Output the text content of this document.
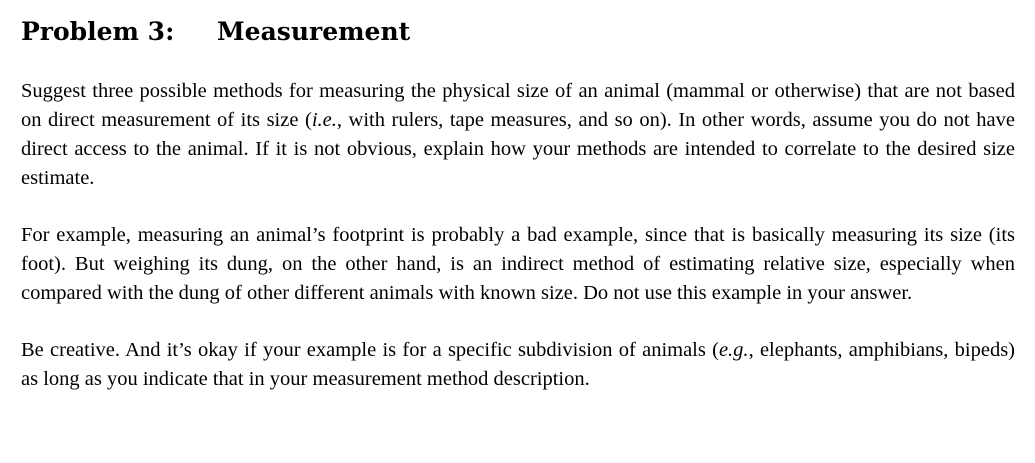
Problem 3: Measurement

Suggest three possible methods for measuring the physical size of an animal (mammal or otherwise) that are not based on direct measurement of its size (i.e., with rulers, tape measures, and so on). In other words, assume you do not have direct access to the animal. If it is not obvious, explain how your methods are intended to correlate to the desired size estimate.

For example, measuring an animal’s footprint is probably a bad example, since that is basically measuring its size (its foot). But weighing its dung, on the other hand, is an indirect method of estimating relative size, especially when compared with the dung of other different animals with known size. Do not use this example in your answer.

Be creative. And it’s okay if your example is for a specific subdivision of animals (e.g., elephants, amphibians, bipeds) as long as you indicate that in your measurement method description.
